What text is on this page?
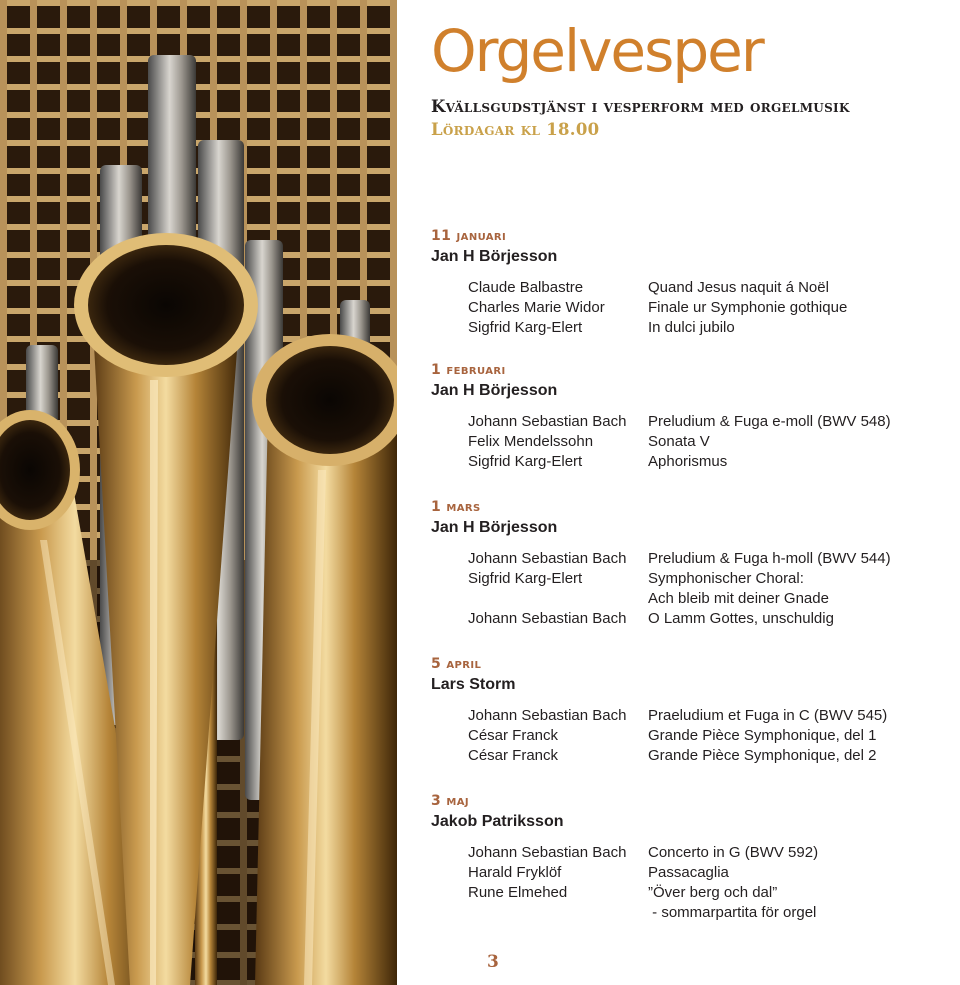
Orgelvesper
Kvällsgudstjänst i vesperform med orgelmusik
Lördagar kl 18.00
11 januari
Jan H Börjesson
Claude Balbastre	Quand Jesus naquit á Noël
Charles Marie Widor	Finale ur Symphonie gothique
Sigfrid Karg-Elert	In dulci jubilo
1 februari
Jan H Börjesson
Johann Sebastian Bach	Preludium & Fuga e-moll (BWV 548)
Felix Mendelssohn	Sonata V
Sigfrid Karg-Elert	Aphorismus
1 mars
Jan H Börjesson
Johann Sebastian Bach	Preludium & Fuga h-moll (BWV 544)
Sigfrid Karg-Elert	Symphonischer Choral:
Ach bleib mit deiner Gnade
Johann Sebastian Bach	O Lamm Gottes, unschuldig
5 april
Lars Storm
Johann Sebastian Bach	Praeludium et Fuga in C (BWV 545)
César Franck	Grande Pièce Symphonique, del 1
César Franck	Grande Pièce Symphonique, del 2
3 maj
Jakob Patriksson
Johann Sebastian Bach	Concerto in G (BWV 592)
Harald Fryklöf	Passacaglia
Rune Elmehed	”Över berg och dal”
- sommarpartita för orgel
3
